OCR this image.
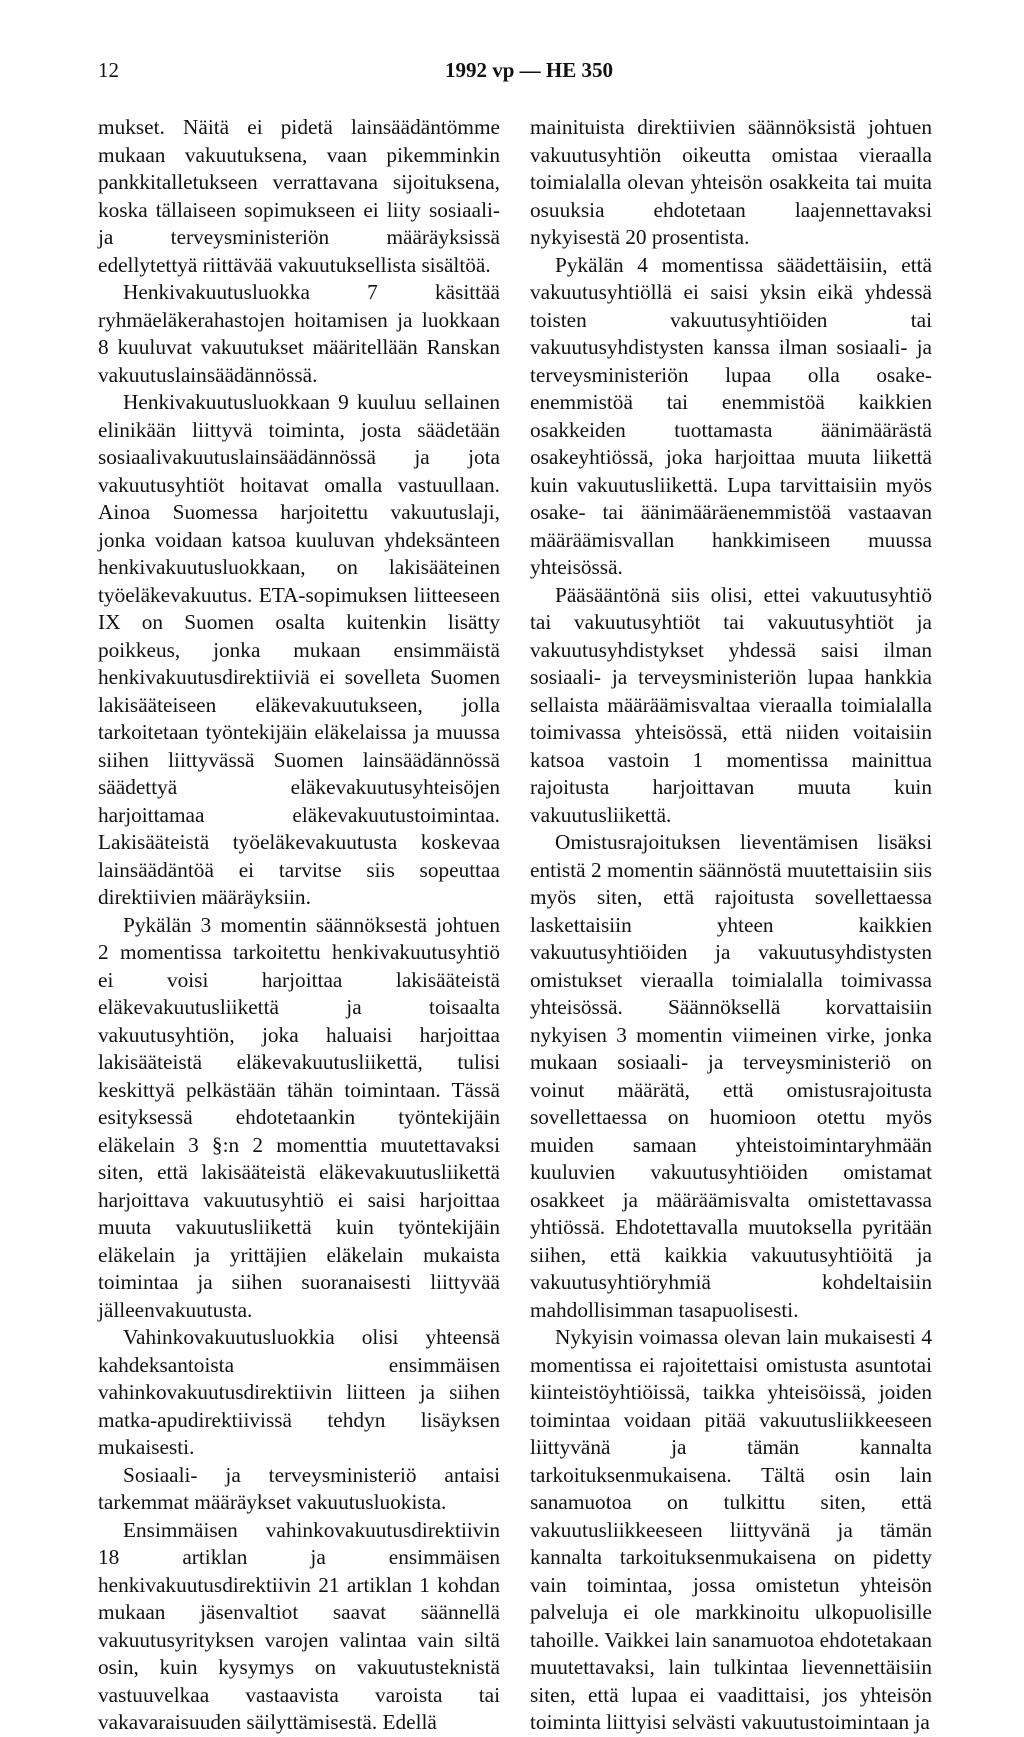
12	1992 vp — HE 350

mukset. Näitä ei pidetä lainsäädäntömme mukaan vakuutuksena, vaan pikemminkin pankkitalletukseen verrattavana sijoituksena, koska tällaiseen sopimukseen ei liity sosiaali- ja terveysministeriön määräyksissä edellytettyä riittävää vakuutuksellista sisältöä.

Henkivakuutusluokka 7 käsittää ryhmäeläkerahastojen hoitamisen ja luokkaan 8 kuuluvat vakuutukset määritellään Ranskan vakuutuslainsäädännössä.

Henkivakuutusluokkaan 9 kuuluu sellainen elinikään liittyvä toiminta, josta säädetään sosiaalivakuutuslainsäädännössä ja jota vakuutusyhtiöt hoitavat omalla vastuullaan. Ainoa Suomessa harjoitettu vakuutuslaji, jonka voidaan katsoa kuuluvan yhdeksänteen henkivakuutusluokkaan, on lakisääteinen työeläkevakuutus. ETA-sopimuksen liitteeseen IX on Suomen osalta kuitenkin lisätty poikkeus, jonka mukaan ensimmäistä henkivakuutusdirektiiviä ei sovelleta Suomen lakisääteiseen eläkevakuutukseen, jolla tarkoitetaan työntekijäin eläkelaissa ja muussa siihen liittyvässä Suomen lainsäädännössä säädettyä eläkevakuutusyhteisöjen harjoittamaa eläkevakuutustoimintaa. Lakisääteistä työeläkevakuutusta koskevaa lainsäädäntöä ei tarvitse siis sopeuttaa direktiivien määräyksiin.

Pykälän 3 momentin säännöksestä johtuen 2 momentissa tarkoitettu henkivakuutusyhtiö ei voisi harjoittaa lakisääteistä eläkevakuutusliikettä ja toisaalta vakuutusyhtiön, joka haluaisi harjoittaa lakisääteistä eläkevakuutusliikettä, tulisi keskittyä pelkästään tähän toimintaan. Tässä esityksessä ehdotetaankin työntekijäin eläkelain 3 §:n 2 momenttia muutettavaksi siten, että lakisääteistä eläkevakuutusliikettä harjoittava vakuutusyhtiö ei saisi harjoittaa muuta vakuutusliikettä kuin työntekijäin eläkelain ja yrittäjien eläkelain mukaista toimintaa ja siihen suoranaisesti liittyvää jälleenvakuutusta.

Vahinkovakuutusluokkia olisi yhteensä kahdeksantoista ensimmäisen vahinkovakuutusdirektiivin liitteen ja siihen matka-apudirektiivissä tehdyn lisäyksen mukaisesti.

Sosiaali- ja terveysministeriö antaisi tarkemmat määräykset vakuutusluokista.

Ensimmäisen vahinkovakuutusdirektiivin 18 artiklan ja ensimmäisen henkivakuutusdirektiivin 21 artiklan 1 kohdan mukaan jäsenvaltiot saavat säännellä vakuutusyrityksen varojen valintaa vain siltä osin, kuin kysymys on vakuutusteknistä vastuuvelkaa vastaavista varoista tai vakavaraisuuden säilyttämisestä. Edellä

mainituista direktiivien säännöksistä johtuen vakuutusyhtiön oikeutta omistaa vieraalla toimialalla olevan yhteisön osakkeita tai muita osuuksia ehdotetaan laajennettavaksi nykyisestä 20 prosentista.

Pykälän 4 momentissa säädettäisiin, että vakuutusyhtiöllä ei saisi yksin eikä yhdessä toisten vakuutusyhtiöiden tai vakuutusyhdistysten kanssa ilman sosiaali- ja terveysministeriön lupaa olla osake-enemmistöä tai enemmistöä kaikkien osakkeiden tuottamasta äänimäärästä osakeyhtiössä, joka harjoittaa muuta liikettä kuin vakuutusliikettä. Lupa tarvittaisiin myös osake- tai äänimääräenemmistöä vastaavan määräämisvallan hankkimiseen muussa yhteisössä.

Pääsääntönä siis olisi, ettei vakuutusyhtiö tai vakuutusyhtiöt tai vakuutusyhtiöt ja vakuutusyhdistykset yhdessä saisi ilman sosiaali- ja terveysministeriön lupaa hankkia sellaista määräämisvaltaa vieraalla toimialalla toimivassa yhteisössä, että niiden voitaisiin katsoa vastoin 1 momentissa mainittua rajoitusta harjoittavan muuta kuin vakuutusliikettä.

Omistusrajoituksen lieventämisen lisäksi entistä 2 momentin säännöstä muutettaisiin siis myös siten, että rajoitusta sovellettaessa laskettaisiin yhteen kaikkien vakuutusyhtiöiden ja vakuutusyhdistysten omistukset vieraalla toimialalla toimivassa yhteisössä. Säännöksellä korvattaisiin nykyisen 3 momentin viimeinen virke, jonka mukaan sosiaali- ja terveysministeriö on voinut määrätä, että omistusrajoitusta sovellettaessa on huomioon otettu myös muiden samaan yhteistoimintaryhmään kuuluvien vakuutusyhtiöiden omistamat osakkeet ja määräämisvalta omistettavassa yhtiössä. Ehdotettavalla muutoksella pyritään siihen, että kaikkia vakuutusyhtiöitä ja vakuutusyhtiöryhmiä kohdeltaisiin mahdollisimman tasapuolisesti.

Nykyisin voimassa olevan lain mukaisesti 4 momentissa ei rajoitettaisi omistusta asuntotai kiinteistöyhtiöissä, taikka yhteisöissä, joiden toimintaa voidaan pitää vakuutusliikkeeseen liittyvänä ja tämän kannalta tarkoituksenmukaisena. Tältä osin lain sanamuotoa on tulkittu siten, että vakuutusliikkeeseen liittyvänä ja tämän kannalta tarkoituksenmukaisena on pidetty vain toimintaa, jossa omistetun yhteisön palveluja ei ole markkinoitu ulkopuolisille tahoille. Vaikkei lain sanamuotoa ehdotetakaan muutettavaksi, lain tulkintaa lievennettäisiin siten, että lupaa ei vaadittaisi, jos yhteisön toiminta liittyisi selvästi vakuutustoimintaan ja
